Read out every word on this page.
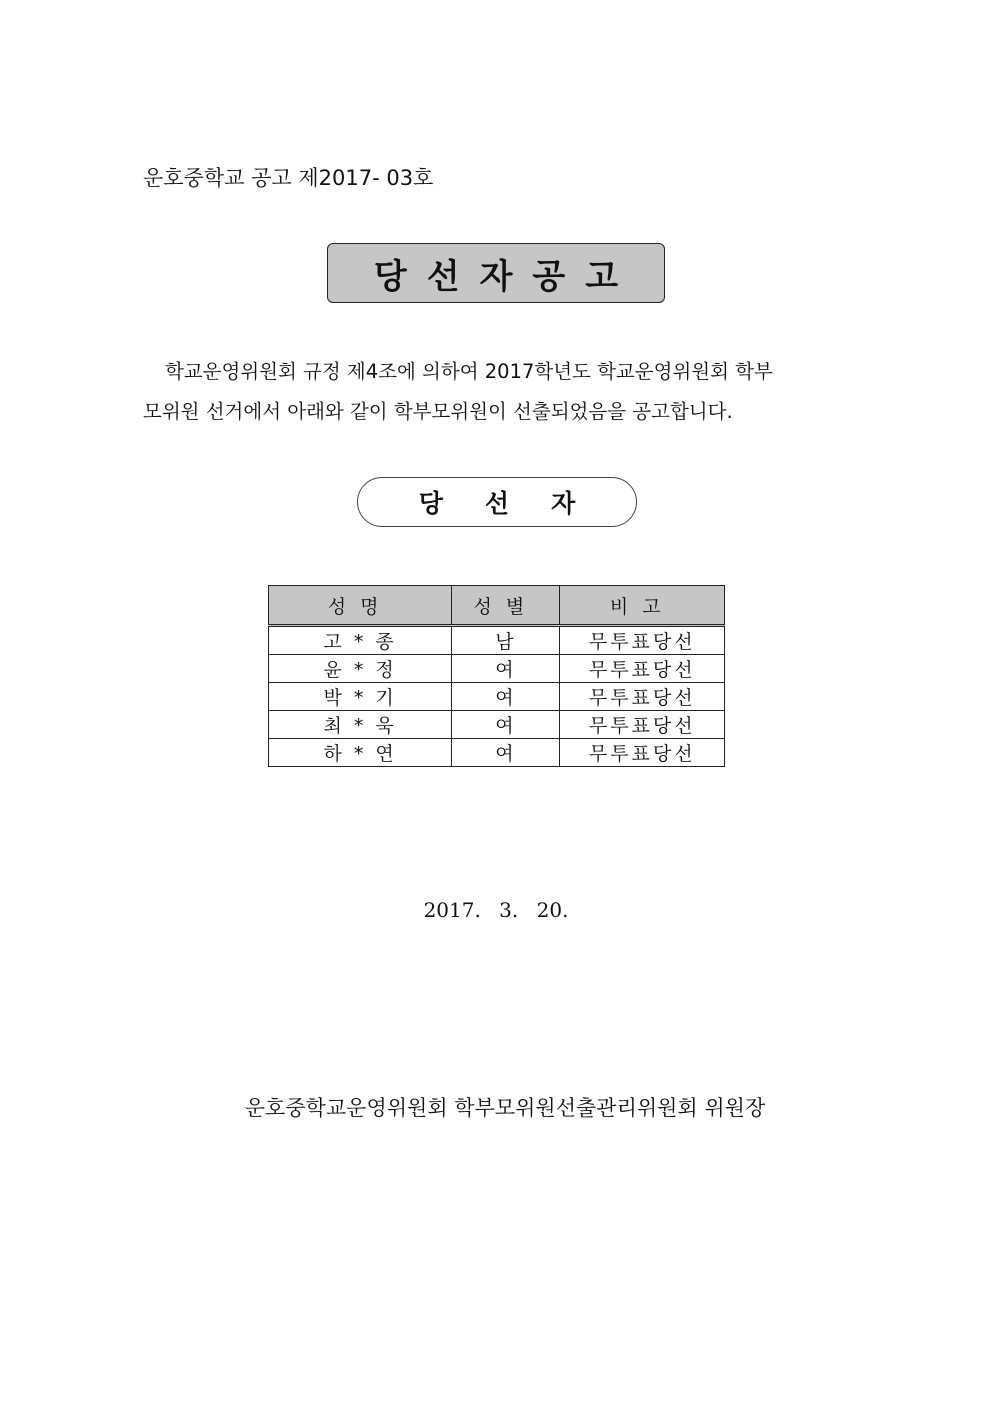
운호중학교 공고 제2017- 03호
당선자공고
학교운영위원회 규정 제4조에 의하여 2017학년도 학교운영위원회 학부
모위원 선거에서 아래와 같이 학부모위원이 선출되었음을 공고합니다.
당선자
성명	성별	비고
고 * 종	남	무투표당선
윤 * 정	여	무투표당선
박 * 기	여	무투표당선
최 * 욱	여	무투표당선
하 * 연	여	무투표당선
2017. 3. 20.
운호중학교운영위원회 학부모위원선출관리위원회 위원장
